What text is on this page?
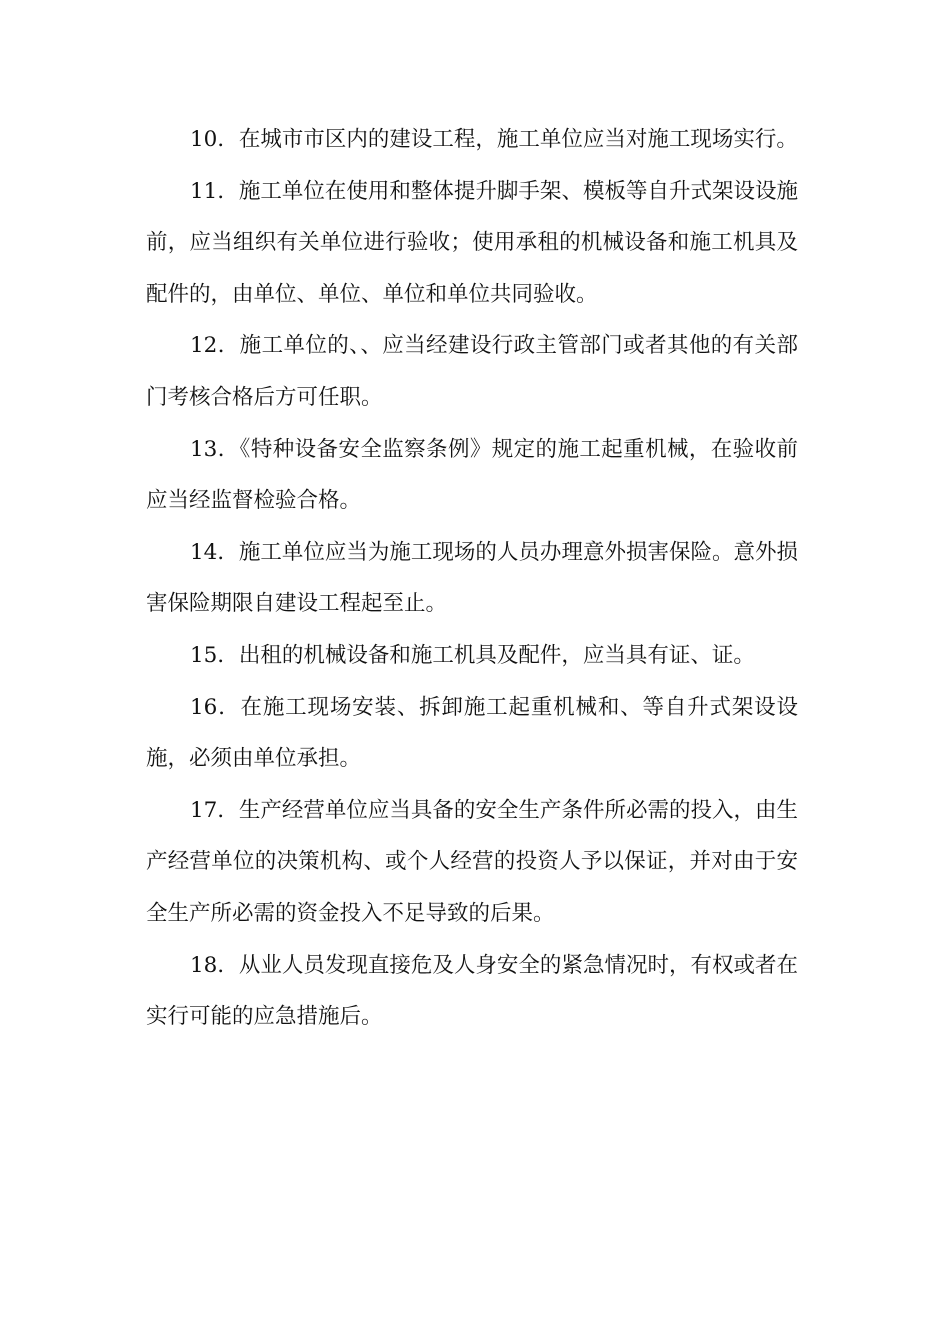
10．在城市市区内的建设工程，施工单位应当对施工现场实行。

11．施工单位在使用和整体提升脚手架、模板等自升式架设设施前，应当组织有关单位进行验收；使用承租的机械设备和施工机具及配件的，由单位、单位、单位和单位共同验收。

12．施工单位的、、应当经建设行政主管部门或者其他的有关部门考核合格后方可任职。

13．《特种设备安全监察条例》规定的施工起重机械，在验收前应当经监督检验合格。

14．施工单位应当为施工现场的人员办理意外损害保险。意外损害保险期限自建设工程起至止。

15．出租的机械设备和施工机具及配件，应当具有证、证。

16．在施工现场安装、拆卸施工起重机械和、等自升式架设设施，必须由单位承担。

17．生产经营单位应当具备的安全生产条件所必需的投入，由生产经营单位的决策机构、或个人经营的投资人予以保证，并对由于安全生产所必需的资金投入不足导致的后果。

18．从业人员发现直接危及人身安全的紧急情况时，有权或者在实行可能的应急措施后。
